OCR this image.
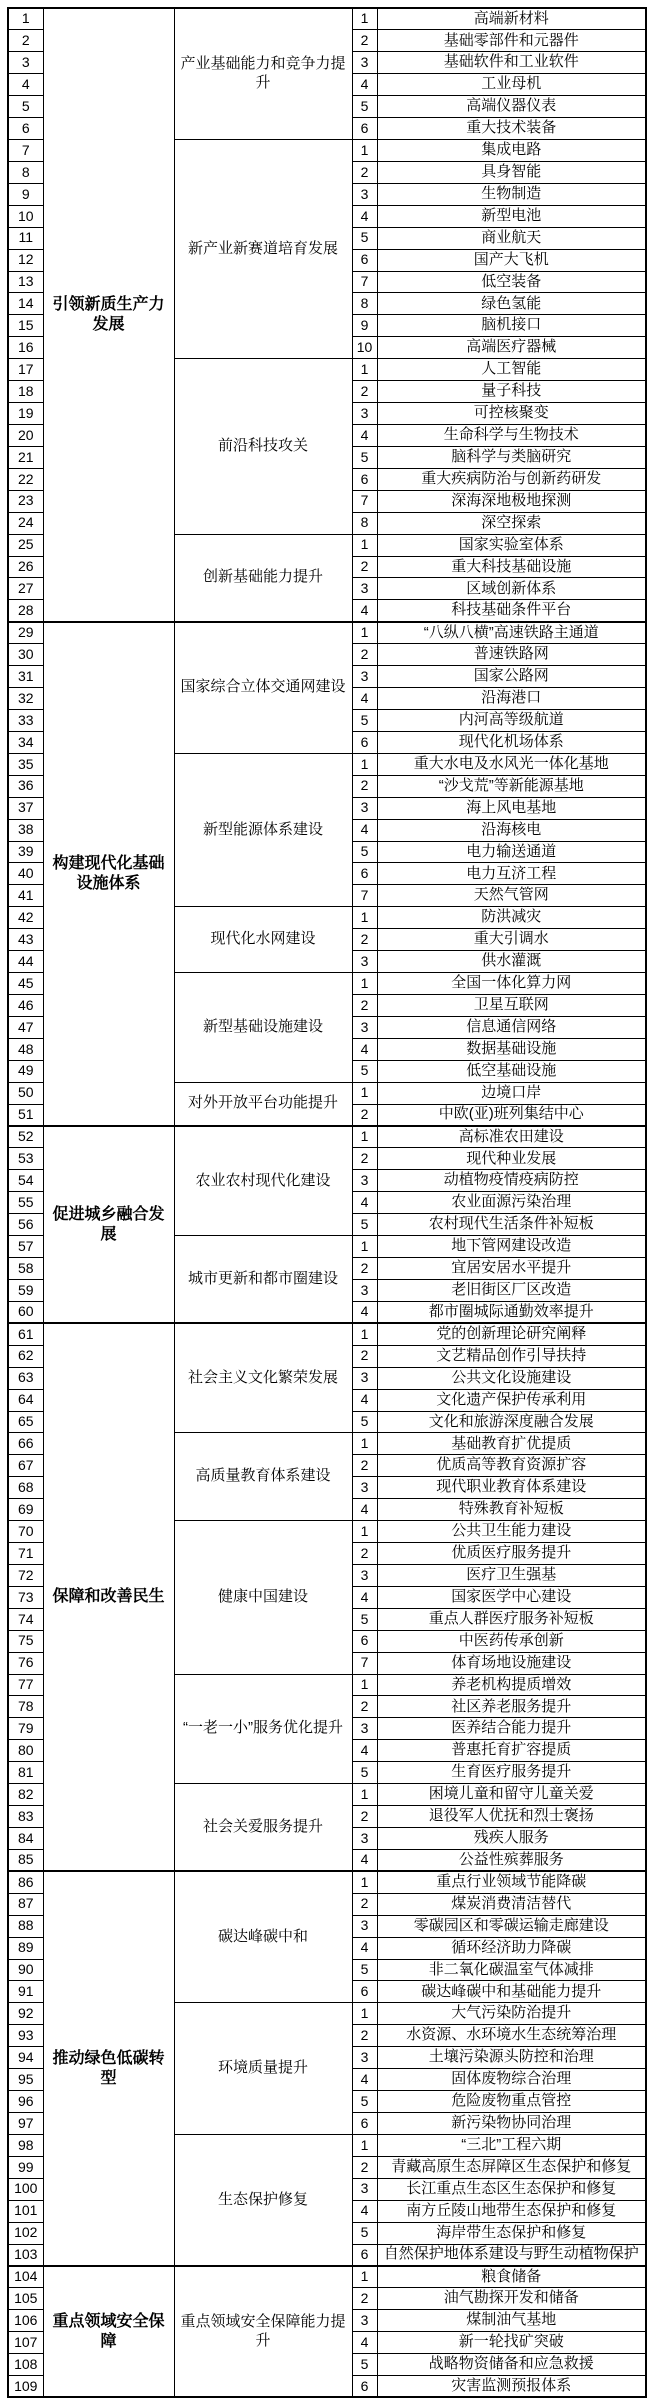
1	引领新质生产力发展	产业基础能力和竞争力提升	1	高端新材料
2			2	基础零部件和元器件
3			3	基础软件和工业软件
4			4	工业母机
5			5	高端仪器仪表
6			6	重大技术装备
7		新产业新赛道培育发展	1	集成电路
8			2	具身智能
9			3	生物制造
10			4	新型电池
11			5	商业航天
12			6	国产大飞机
13			7	低空装备
14			8	绿色氢能
15			9	脑机接口
16			10	高端医疗器械
17		前沿科技攻关	1	人工智能
18			2	量子科技
19			3	可控核聚变
20			4	生命科学与生物技术
21			5	脑科学与类脑研究
22			6	重大疾病防治与创新药研发
23			7	深海深地极地探测
24			8	深空探索
25		创新基础能力提升	1	国家实验室体系
26			2	重大科技基础设施
27			3	区域创新体系
28			4	科技基础条件平台
29	构建现代化基础设施体系	国家综合立体交通网建设	1	“八纵八横”高速铁路主通道
30			2	普速铁路网
31			3	国家公路网
32			4	沿海港口
33			5	内河高等级航道
34			6	现代化机场体系
35		新型能源体系建设	1	重大水电及水风光一体化基地
36			2	“沙戈荒”等新能源基地
37			3	海上风电基地
38			4	沿海核电
39			5	电力输送通道
40			6	电力互济工程
41			7	天然气管网
42		现代化水网建设	1	防洪减灾
43			2	重大引调水
44			3	供水灌溉
45		新型基础设施建设	1	全国一体化算力网
46			2	卫星互联网
47			3	信息通信网络
48			4	数据基础设施
49			5	低空基础设施
50		对外开放平台功能提升	1	边境口岸
51			2	中欧(亚)班列集结中心
52	促进城乡融合发展	农业农村现代化建设	1	高标准农田建设
53			2	现代种业发展
54			3	动植物疫情疫病防控
55			4	农业面源污染治理
56			5	农村现代生活条件补短板
57		城市更新和都市圈建设	1	地下管网建设改造
58			2	宜居安居水平提升
59			3	老旧街区厂区改造
60			4	都市圈城际通勤效率提升
61	保障和改善民生	社会主义文化繁荣发展	1	党的创新理论研究阐释
62			2	文艺精品创作引导扶持
63			3	公共文化设施建设
64			4	文化遗产保护传承利用
65			5	文化和旅游深度融合发展
66		高质量教育体系建设	1	基础教育扩优提质
67			2	优质高等教育资源扩容
68			3	现代职业教育体系建设
69			4	特殊教育补短板
70		健康中国建设	1	公共卫生能力建设
71			2	优质医疗服务提升
72			3	医疗卫生强基
73			4	国家医学中心建设
74			5	重点人群医疗服务补短板
75			6	中医药传承创新
76			7	体育场地设施建设
77		“一老一小”服务优化提升	1	养老机构提质增效
78			2	社区养老服务提升
79			3	医养结合能力提升
80			4	普惠托育扩容提质
81			5	生育医疗服务提升
82		社会关爱服务提升	1	困境儿童和留守儿童关爱
83			2	退役军人优抚和烈士褒扬
84			3	残疾人服务
85			4	公益性殡葬服务
86	推动绿色低碳转型	碳达峰碳中和	1	重点行业领域节能降碳
87			2	煤炭消费清洁替代
88			3	零碳园区和零碳运输走廊建设
89			4	循环经济助力降碳
90			5	非二氧化碳温室气体减排
91			6	碳达峰碳中和基础能力提升
92		环境质量提升	1	大气污染防治提升
93			2	水资源、水环境水生态统筹治理
94			3	土壤污染源头防控和治理
95			4	固体废物综合治理
96			5	危险废物重点管控
97			6	新污染物协同治理
98		生态保护修复	1	“三北”工程六期
99			2	青藏高原生态屏障区生态保护和修复
100			3	长江重点生态区生态保护和修复
101			4	南方丘陵山地带生态保护和修复
102			5	海岸带生态保护和修复
103			6	自然保护地体系建设与野生动植物保护
104	重点领域安全保障	重点领域安全保障能力提升	1	粮食储备
105			2	油气勘探开发和储备
106			3	煤制油气基地
107			4	新一轮找矿突破
108			5	战略物资储备和应急救援
109			6	灾害监测预报体系
